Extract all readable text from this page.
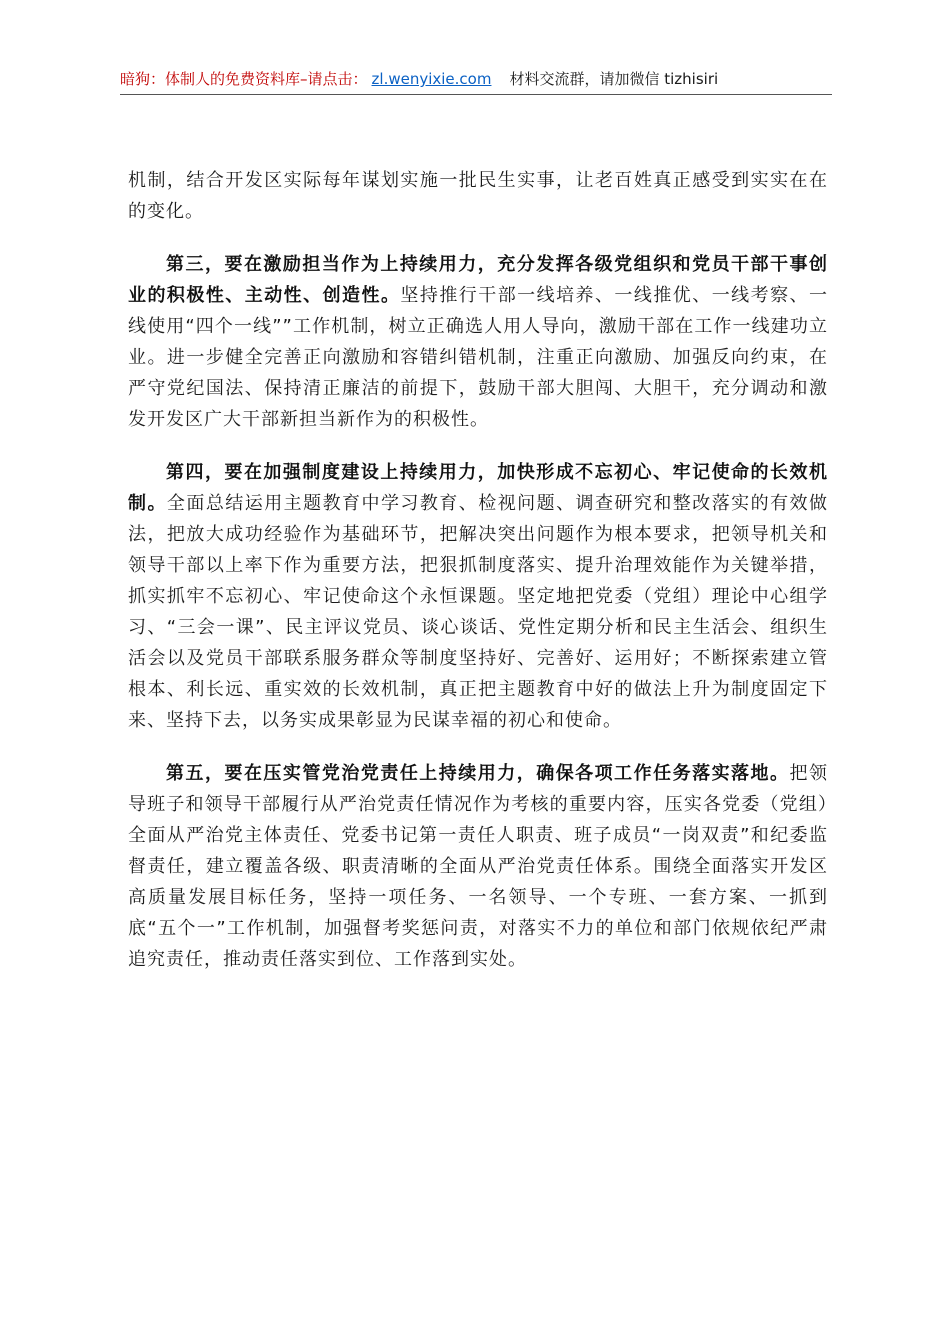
暗狗：体制人的免费资料库–请点击： zl.wenyixie.com 材料交流群，请加微信 tizhisiri

机制，结合开发区实际每年谋划实施一批民生实事，让老百姓真正感受到实实在在的变化。

第三，要在激励担当作为上持续用力，充分发挥各级党组织和党员干部干事创业的积极性、主动性、创造性。坚持推行干部一线培养、一线推优、一线考察、一线使用“四个一线””工作机制，树立正确选人用人导向，激励干部在工作一线建功立业。进一步健全完善正向激励和容错纠错机制，注重正向激励、加强反向约束，在严守党纪国法、保持清正廉洁的前提下，鼓励干部大胆闯、大胆干，充分调动和激发开发区广大干部新担当新作为的积极性。

第四，要在加强制度建设上持续用力，加快形成不忘初心、牢记使命的长效机制。全面总结运用主题教育中学习教育、检视问题、调查研究和整改落实的有效做法，把放大成功经验作为基础环节，把解决突出问题作为根本要求，把领导机关和领导干部以上率下作为重要方法，把狠抓制度落实、提升治理效能作为关键举措，抓实抓牢不忘初心、牢记使命这个永恒课题。坚定地把党委（党组）理论中心组学习、“三会一课”、民主评议党员、谈心谈话、党性定期分析和民主生活会、组织生活会以及党员干部联系服务群众等制度坚持好、完善好、运用好；不断探索建立管根本、利长远、重实效的长效机制，真正把主题教育中好的做法上升为制度固定下来、坚持下去，以务实成果彰显为民谋幸福的初心和使命。

第五，要在压实管党治党责任上持续用力，确保各项工作任务落实落地。把领导班子和领导干部履行从严治党责任情况作为考核的重要内容，压实各党委（党组）全面从严治党主体责任、党委书记第一责任人职责、班子成员“一岗双责”和纪委监督责任，建立覆盖各级、职责清晰的全面从严治党责任体系。围绕全面落实开发区高质量发展目标任务，坚持一项任务、一名领导、一个专班、一套方案、一抓到底“五个一”工作机制，加强督考奖惩问责，对落实不力的单位和部门依规依纪严肃追究责任，推动责任落实到位、工作落到实处。
